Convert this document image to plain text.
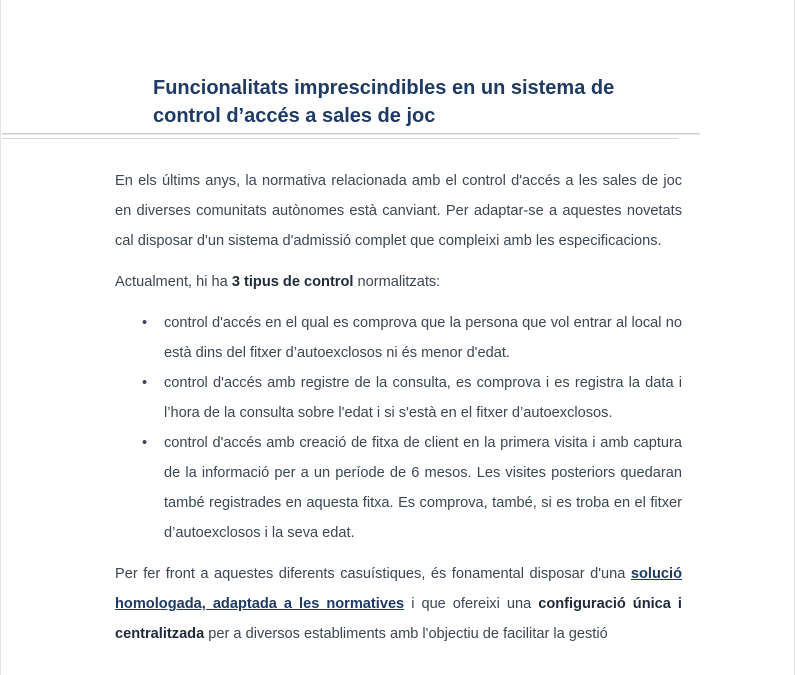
Funcionalitats imprescindibles en un sistema de control d’accés a sales de joc

En els últims anys, la normativa relacionada amb el control d'accés a les sales de joc en diverses comunitats autònomes està canviant. Per adaptar-se a aquestes novetats cal disposar d'un sistema d'admissió complet que compleixi amb les especificacions.

Actualment, hi ha 3 tipus de control normalitzats:

• control d'accés en el qual es comprova que la persona que vol entrar al local no està dins del fitxer d’autoexclosos ni és menor d'edat.
• control d'accés amb registre de la consulta, es comprova i es registra la data i l’hora de la consulta sobre l'edat i si s'està en el fitxer d’autoexclosos.
• control d'accés amb creació de fitxa de client en la primera visita i amb captura de la informació per a un període de 6 mesos. Les visites posteriors quedaran també registrades en aquesta fitxa. Es comprova, també, si es troba en el fitxer d’autoexclosos i la seva edat.

Per fer front a aquestes diferents casuístiques, és fonamental disposar d'una solució homologada, adaptada a les normatives i que ofereixi una configuració única i centralitzada per a diversos establiments amb l'objectiu de facilitar la gestió
